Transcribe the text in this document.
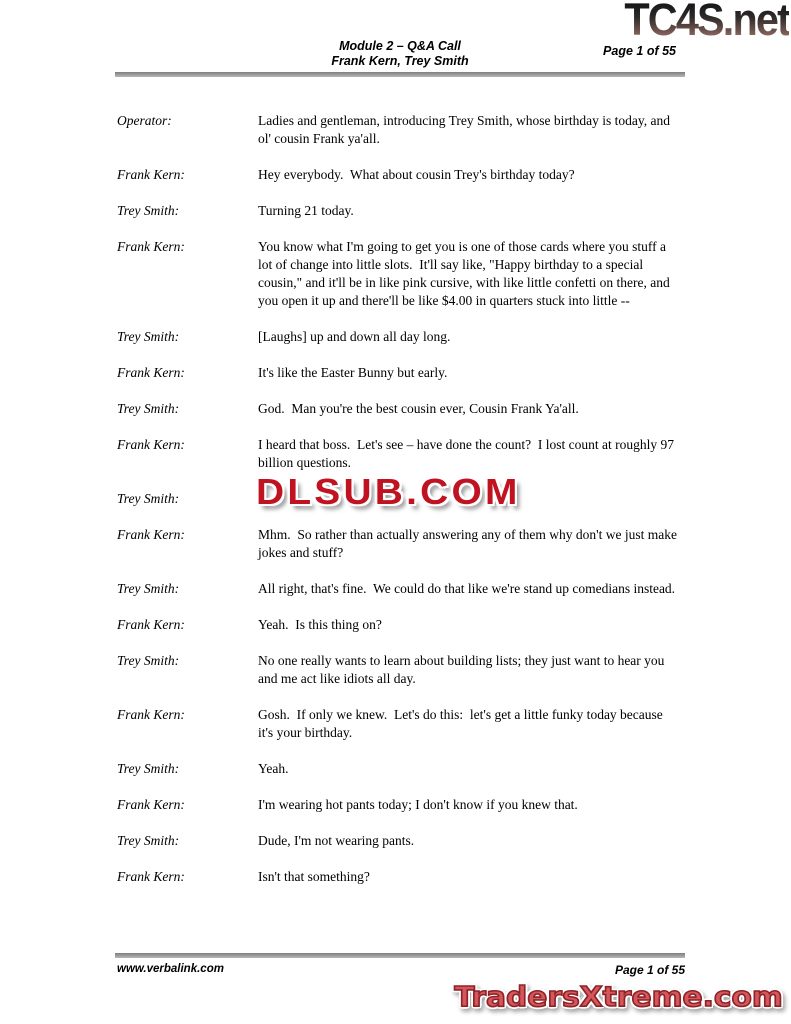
TC4S.net
Page 1 of 55
Module 2 – Q&A Call
Frank Kern, Trey Smith
Operator:	Ladies and gentleman, introducing Trey Smith, whose birthday is today, and ol' cousin Frank ya'all.
Frank Kern:	Hey everybody.  What about cousin Trey's birthday today?
Trey Smith:	Turning 21 today.
Frank Kern:	You know what I'm going to get you is one of those cards where you stuff a lot of change into little slots.  It'll say like, "Happy birthday to a special cousin," and it'll be in like pink cursive, with like little confetti on there, and you open it up and there'll be like $4.00 in quarters stuck into little --
Trey Smith:	[Laughs] up and down all day long.
Frank Kern:	It's like the Easter Bunny but early.
Trey Smith:	God.  Man you're the best cousin ever, Cousin Frank Ya'all.
Frank Kern:	I heard that boss.  Let's see – have done the count?  I lost count at roughly 97 billion questions.
Trey Smith:	DLSUB.COM
Frank Kern:	Mhm.  So rather than actually answering any of them why don't we just make jokes and stuff?
Trey Smith:	All right, that's fine.  We could do that like we're stand up comedians instead.
Frank Kern:	Yeah.  Is this thing on?
Trey Smith:	No one really wants to learn about building lists; they just want to hear you and me act like idiots all day.
Frank Kern:	Gosh.  If only we knew.  Let's do this:  let's get a little funky today because it's your birthday.
Trey Smith:	Yeah.
Frank Kern:	I'm wearing hot pants today; I don't know if you knew that.
Trey Smith:	Dude, I'm not wearing pants.
Frank Kern:	Isn't that something?
www.verbalink.com	Page 1 of 55
TradersXtreme.com
